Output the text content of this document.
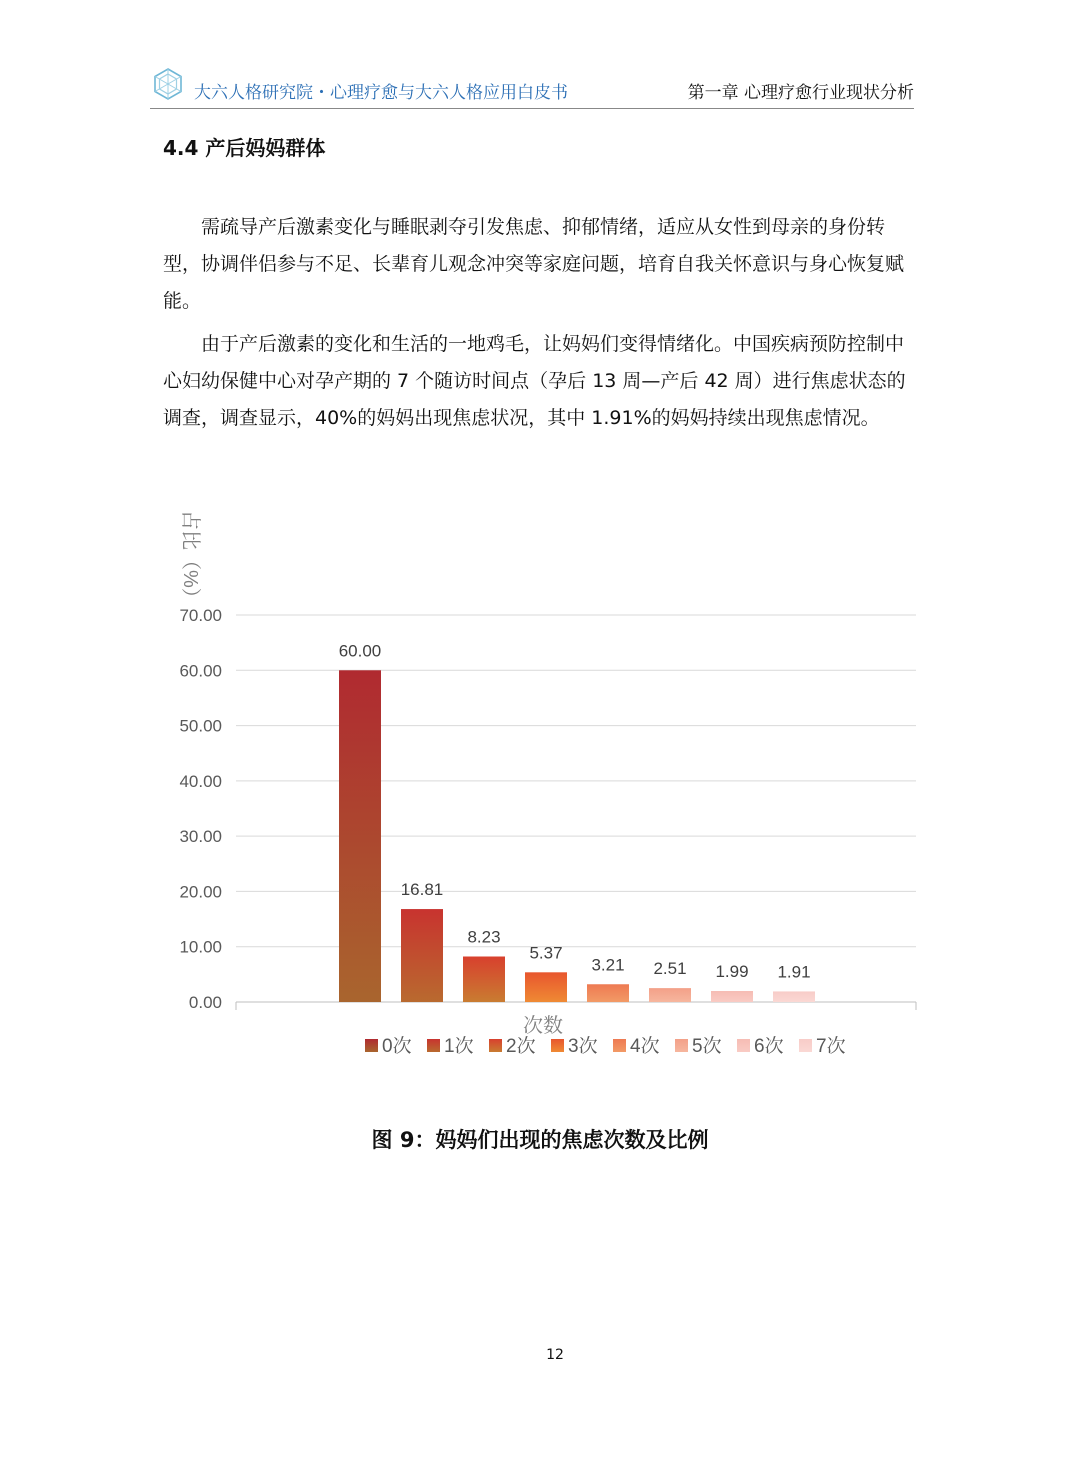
大六人格研究院・心理疗愈与大六人格应用白皮书	第一章 心理疗愈行业现状分析
4.4 产后妈妈群体

需疏导产后激素变化与睡眠剥夺引发焦虑、抑郁情绪，适应从女性到母亲的身份转型，协调伴侣参与不足、长辈育儿观念冲突等家庭问题，培育自我关怀意识与身心恢复赋能。

由于产后激素的变化和生活的一地鸡毛，让妈妈们变得情绪化。中国疾病预防控制中心妇幼保健中心对孕产期的 7 个随访时间点（孕后 13 周—产后 42 周）进行焦虑状态的调查，调查显示，40%的妈妈出现焦虑状况，其中 1.91%的妈妈持续出现焦虑情况。

0.00
10.00
20.00
30.00
40.00
50.00
60.00
70.00
占比（%）
60.00
16.81
8.23
5.37
3.21 2.51 1.99 1.91
次数
0次 1次 2次 3次 4次 5次 6次 7次
图 9：妈妈们出现的焦虑次数及比例
12
